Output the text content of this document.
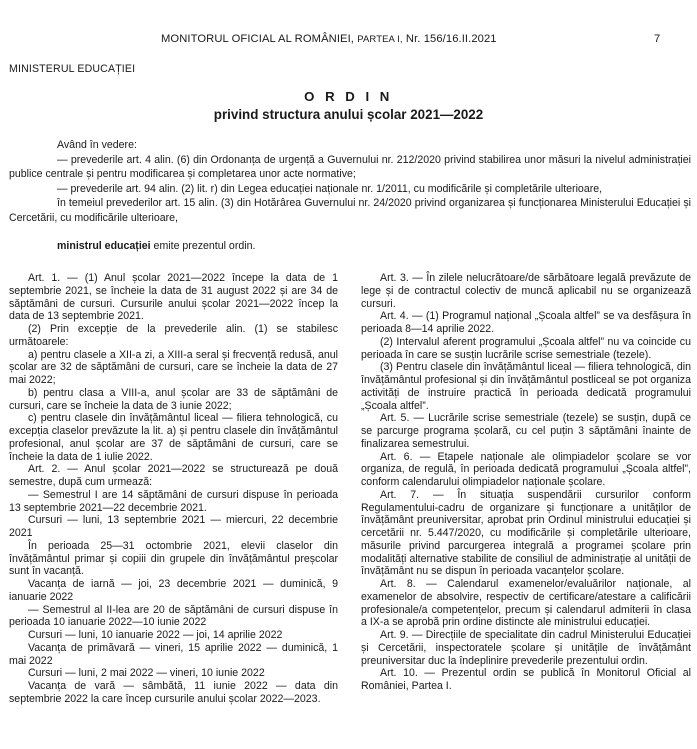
MONITORUL OFICIAL AL ROMÂNIEI, PARTEA I, Nr. 156/16.II.2021	7
MINISTERUL EDUCAȚIEI
O R D I N
privind structura anului școlar 2021—2022

Având în vedere:

— prevederile art. 4 alin. (6) din Ordonanța de urgență a Guvernului nr. 212/2020 privind stabilirea unor măsuri la nivelul administrației publice centrale și pentru modificarea și completarea unor acte normative;

— prevederile art. 94 alin. (2) lit. r) din Legea educației naționale nr. 1/2011, cu modificările și completările ulterioare,

în temeiul prevederilor art. 15 alin. (3) din Hotărârea Guvernului nr. 24/2020 privind organizarea și funcționarea Ministerului Educației și Cercetării, cu modificările ulterioare,

ministrul educației emite prezentul ordin.

Art. 1. — (1) Anul școlar 2021—2022 începe la data de 1 septembrie 2021, se încheie la data de 31 august 2022 și are 34 de săptămâni de cursuri. Cursurile anului școlar 2021—2022 încep la data de 13 septembrie 2021.

(2) Prin excepție de la prevederile alin. (1) se stabilesc următoarele:

a) pentru clasele a XII-a zi, a XIII-a seral și frecvență redusă, anul școlar are 32 de săptămâni de cursuri, care se încheie la data de 27 mai 2022;

b) pentru clasa a VIII-a, anul școlar are 33 de săptămâni de cursuri, care se încheie la data de 3 iunie 2022;

c) pentru clasele din învățământul liceal — filiera tehnologică, cu excepția claselor prevăzute la lit. a) și pentru clasele din învățământul profesional, anul școlar are 37 de săptămâni de cursuri, care se încheie la data de 1 iulie 2022.

Art. 2. — Anul școlar 2021—2022 se structurează pe două semestre, după cum urmează:

— Semestrul I are 14 săptămâni de cursuri dispuse în perioada 13 septembrie 2021—22 decembrie 2021.

Cursuri — luni, 13 septembrie 2021 — miercuri, 22 decembrie 2021

În perioada 25—31 octombrie 2021, elevii claselor din învățământul primar și copiii din grupele din învățământul preșcolar sunt în vacanță.

Vacanța de iarnă — joi, 23 decembrie 2021 — duminică, 9 ianuarie 2022

— Semestrul al II-lea are 20 de săptămâni de cursuri dispuse în perioada 10 ianuarie 2022—10 iunie 2022

Cursuri — luni, 10 ianuarie 2022 — joi, 14 aprilie 2022

Vacanța de primăvară — vineri, 15 aprilie 2022 — duminică, 1 mai 2022

Cursuri — luni, 2 mai 2022 — vineri, 10 iunie 2022

Vacanța de vară — sâmbătă, 11 iunie 2022 — data din septembrie 2022 la care încep cursurile anului școlar 2022—2023.

Art. 3. — În zilele nelucrătoare/de sărbătoare legală prevăzute de lege și de contractul colectiv de muncă aplicabil nu se organizează cursuri.

Art. 4. — (1) Programul național „Școala altfel” se va desfășura în perioada 8—14 aprilie 2022.

(2) Intervalul aferent programului „Școala altfel” nu va coincide cu perioada în care se susțin lucrările scrise semestriale (tezele).

(3) Pentru clasele din învățământul liceal — filiera tehnologică, din învățământul profesional și din învățământul postliceal se pot organiza activități de instruire practică în perioada dedicată programului „Școala altfel”.

Art. 5. — Lucrările scrise semestriale (tezele) se susțin, după ce se parcurge programa școlară, cu cel puțin 3 săptămâni înainte de finalizarea semestrului.

Art. 6. — Etapele naționale ale olimpiadelor școlare se vor organiza, de regulă, în perioada dedicată programului „Școala altfel”, conform calendarului olimpiadelor naționale școlare.

Art. 7. — În situația suspendării cursurilor conform Regulamentului-cadru de organizare și funcționare a unităților de învățământ preuniversitar, aprobat prin Ordinul ministrului educației și cercetării nr. 5.447/2020, cu modificările și completările ulterioare, măsurile privind parcurgerea integrală a programei școlare prin modalități alternative stabilite de consiliul de administrație al unității de învățământ nu se dispun în perioada vacanțelor școlare.

Art. 8. — Calendarul examenelor/evaluărilor naționale, al examenelor de absolvire, respectiv de certificare/atestare a calificării profesionale/a competențelor, precum și calendarul admiterii în clasa a IX-a se aprobă prin ordine distincte ale ministrului educației.

Art. 9. — Direcțiile de specialitate din cadrul Ministerului Educației și Cercetării, inspectoratele școlare și unitățile de învățământ preuniversitar duc la îndeplinire prevederile prezentului ordin.

Art. 10. — Prezentul ordin se publică în Monitorul Oficial al României, Partea I.
